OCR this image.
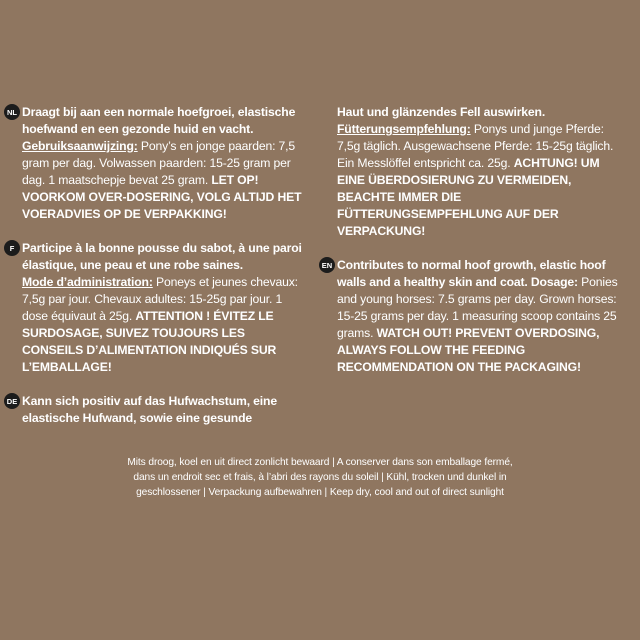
NL Draagt bij aan een normale hoefgroei, elastische hoefwand en een gezonde huid en vacht.
Gebruiksaanwijzing: Pony’s en jonge paarden: 7,5 gram per dag. Volwassen paarden: 15-25 gram per dag. 1 maatschepje bevat 25 gram. LET OP! VOORKOM OVER-DOSERING, VOLG ALTIJD HET VOERADVIES OP DE VERPAKKING!

F Participe à la bonne pousse du sabot, à une paroi élastique, une peau et une robe saines.
Mode d’administration: Poneys et jeunes chevaux: 7,5g par jour. Chevaux adultes: 15-25g par jour. 1 dose équivaut à 25g. ATTENTION ! ÉVITEZ LE SURDOSAGE, SUIVEZ TOUJOURS LES CONSEILS D’ALIMENTATION INDIQUÉS SUR L’EMBALLAGE!

DE Kann sich positiv auf das Hufwachstum, eine elastische Hufwand, sowie eine gesunde

Haut und glänzendes Fell auswirken.
Fütterungsempfehlung: Ponys und junge Pferde: 7,5g täglich. Ausgewachsene Pferde: 15-25g täglich. Ein Messlöffel entspricht ca. 25g. ACHTUNG! UM EINE ÜBERDOSIERUNG ZU VERMEIDEN, BEACHTE IMMER DIE FÜTTERUNGSEMPFEHLUNG AUF DER VERPACKUNG!

EN Contributes to normal hoof growth, elastic hoof walls and a healthy skin and coat. Dosage: Ponies and young horses: 7.5 grams per day. Grown horses: 15-25 grams per day. 1 measuring scoop contains 25 grams. WATCH OUT! PREVENT OVERDOSING, ALWAYS FOLLOW THE FEEDING RECOMMENDATION ON THE PACKAGING!

Mits droog, koel en uit direct zonlicht bewaard | A conserver dans son emballage fermé,
dans un endroit sec et frais, à l’abri des rayons du soleil | Kühl, trocken und dunkel in
geschlossener | Verpackung aufbewahren | Keep dry, cool and out of direct sunlight
